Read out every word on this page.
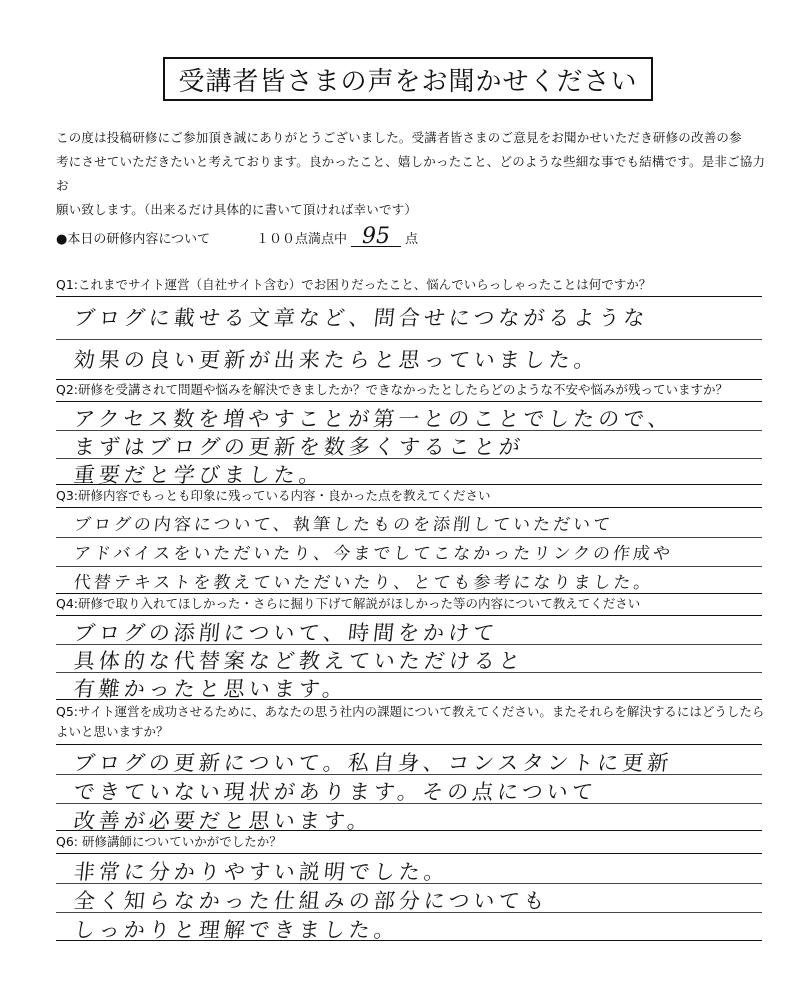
受講者皆さまの声をお聞かせください

この度は投稿研修にご参加頂き誠にありがとうございました。受講者皆さまのご意見をお聞かせいただき研修の改善の参

考にさせていただきたいと考えております。良かったこと、嬉しかったこと、どのような些細な事でも結構です。是非ご協力お

願い致します。（出来るだけ具体的に書いて頂ければ幸いです）

●本日の研修内容について	１００点満点中 95	点
Q1:これまでサイト運営（自社サイト含む）でお困りだったこと、悩んでいらっしゃったことは何ですか？
ブログに載せる文章など、問合せにつながるような
効果の良い更新が出来たらと思っていました。
Q2:研修を受講されて問題や悩みを解決できましたか？できなかったとしたらどのような不安や悩みが残っていますか？
アクセス数を増やすことが第一とのことでしたので、
まずはブログの更新を数多くすることが
重要だと学びました。
Q3:研修内容でもっとも印象に残っている内容・良かった点を教えてください
ブログの内容について、執筆したものを添削していただいて
アドバイスをいただいたり、今までしてこなかったリンクの作成や
代替テキストを教えていただいたり、とても参考になりました。
Q4:研修で取り入れてほしかった・さらに掘り下げて解説がほしかった等の内容について教えてください
ブログの添削について、時間をかけて
具体的な代替案など教えていただけると
有難かったと思います。
Q5:サイト運営を成功させるために、あなたの思う社内の課題について教えてください。またそれらを解決するにはどうしたらよいと思いますか？
ブログの更新について。私自身、コンスタントに更新
できていない現状があります。その点について
改善が必要だと思います。
Q6: 研修講師についていかがでしたか？
非常に分かりやすい説明でした。
全く知らなかった仕組みの部分についても
しっかりと理解できました。
